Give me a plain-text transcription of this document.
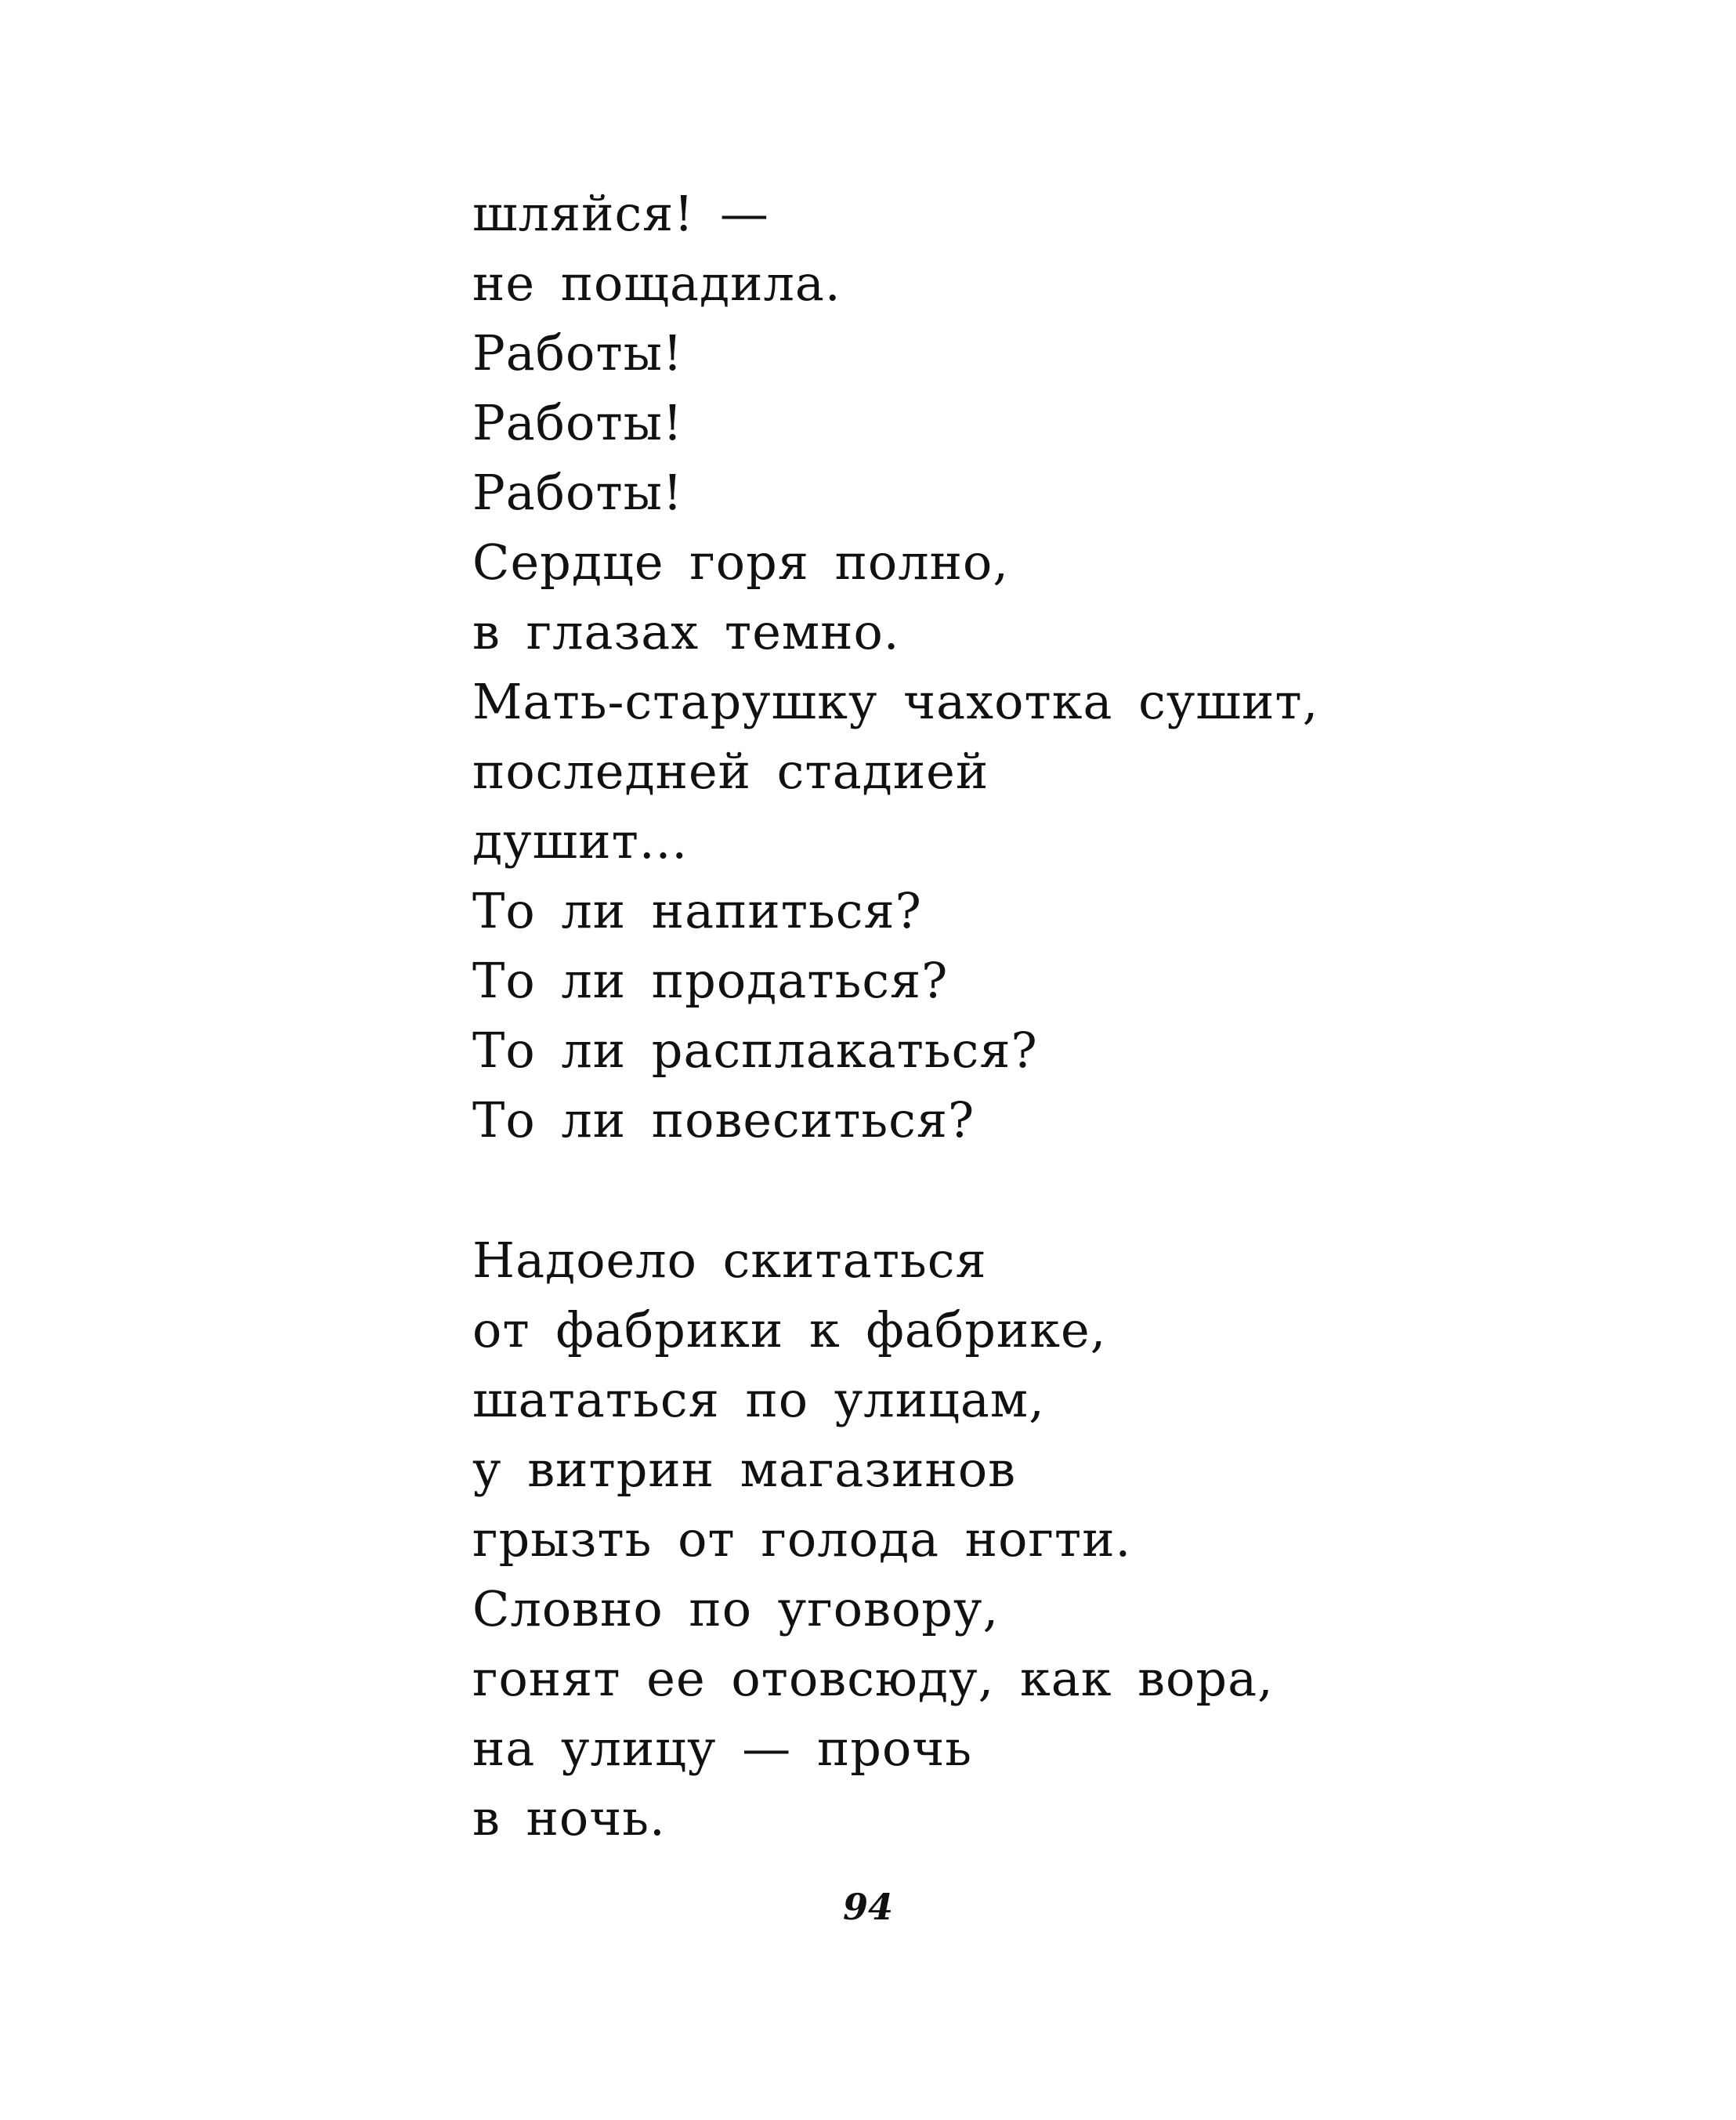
шляйся! —
не пощадила.
Работы!
Работы!
Работы!
Сердце горя полно,
в глазах темно.
Мать-старушку чахотка сушит,
последней стадией
душит...
То ли напиться?
То ли продаться?
То ли расплакаться?
То ли повеситься?
Надоело скитаться
от фабрики к фабрике,
шататься по улицам,
у витрин магазинов
грызть от голода ногти.
Словно по уговору,
гонят ее отовсюду, как вора,
на улицу — прочь
в ночь.
94
